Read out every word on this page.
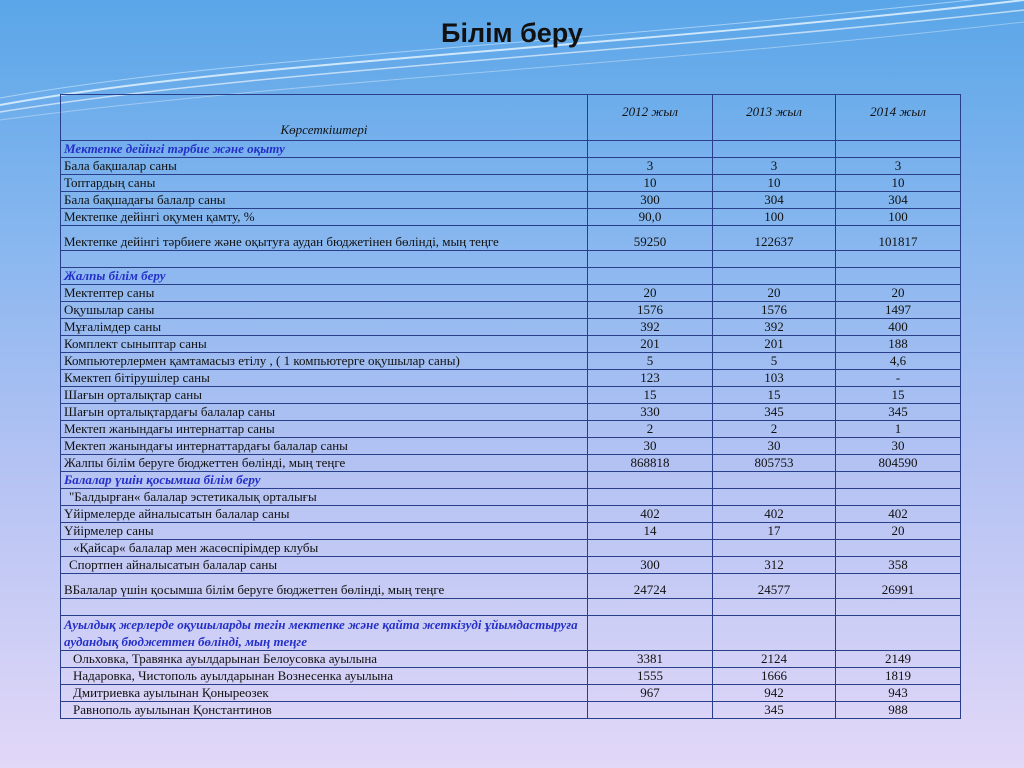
Білім беру
Көрсеткіштері	2012 жыл	2013 жыл	2014 жыл
Мектепке дейінгі тәрбие және оқыту			
Бала бақшалар саны	3	3	3
Топтардың саны	10	10	10
Бала бақшадағы балалр саны	300	304	304
Мектепке дейінгі оқумен қамту, %	90,0	100	100
Мектепке дейінгі тәрбиеге және оқытуға аудан бюджетінен бөлінді, мың теңге	59250	122637	101817

Жалпы білім беру			
Мектептер саны	20	20	20
Оқушылар саны	1576	1576	1497
Мұғалімдер саны	392	392	400
Комплект сыныптар саны	201	201	188
Компьютерлермен қамтамасыз етілу , ( 1 компьютерге оқушылар саны)	5	5	4,6
Кмектеп бітірушілер саны	123	103	-
Шағын орталықтар саны	15	15	15
Шағын орталықтардағы балалар саны	330	345	345
Мектеп жанындағы интернаттар саны	2	2	1
Мектеп жанындағы интернаттардағы балалар саны	30	30	30
Жалпы білім беруге бюджеттен бөлінді, мың теңге	868818	805753	804590
Балалар үшін қосымша білім беру			
"Балдырған« балалар эстетикалық орталығы			
Үйірмелерде айналысатын балалар саны	402	402	402
Үйірмелер саны	14	17	20
«Қайсар« балалар мен жасөспірімдер клубы			
Спортпен айналысатын балалар саны	300	312	358
ВБалалар үшін қосымша білім беруге бюджеттен бөлінді, мың теңге	24724	24577	26991

Ауылдық жерлерде оқушыларды тегін мектепке және қайта жеткізуді ұйымдастыруға аудандық бюджеттен бөлінді, мың теңге			
Ольховка, Травянка ауылдарынан Белоусовка ауылына	3381	2124	2149
Надаровка, Чистополь ауылдарынан Вознесенка ауылына	1555	1666	1819
Дмитриевка ауылынан Қоныреозек	967	942	943
Равнополь ауылынан Қонстантинов		345	988
